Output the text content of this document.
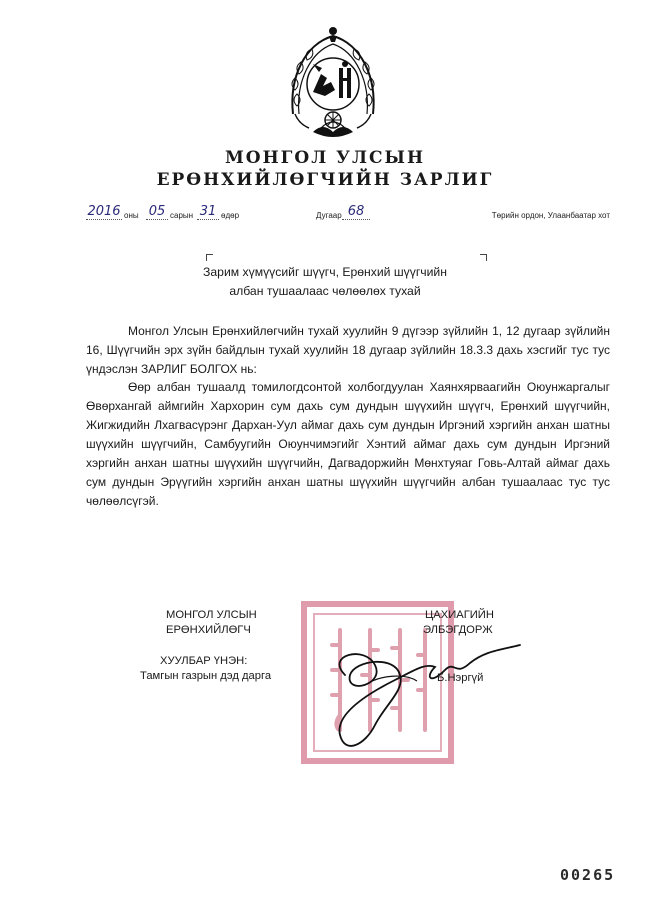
МОНГОЛ УЛСЫН
ЕРӨНХИЙЛӨГЧИЙН ЗАРЛИГ
2016 оны 05 сарын 31 өдөр	Дугаар 68	Төрийн ордон, Улаанбаатар хот
Зарим хүмүүсийг шүүгч, Ерөнхий шүүгчийн
албан тушаалаас чөлөөлөх тухай
Монгол Улсын Ерөнхийлөгчийн тухай хуулийн 9 дүгээр зүйлийн 1, 12 дугаар зүйлийн 16, Шүүгчийн эрх зүйн байдлын тухай хуулийн 18 дугаар зүйлийн 18.3.3 дахь хэсгийг тус тус үндэслэн ЗАРЛИГ БОЛГОХ нь:
Өөр албан тушаалд томилогдсонтой холбогдуулан Хаянхярваагийн Оюунжаргалыг Өвөрхангай аймгийн Хархорин сум дахь сум дундын шүүхийн шүүгч, Ерөнхий шүүгчийн, Жигжидийн Лхагвасүрэнг Дархан-Уул аймаг дахь сум дундын Иргэний хэргийн анхан шатны шүүхийн шүүгчийн, Самбуугийн Оюунчимэгийг Хэнтий аймаг дахь сум дундын Иргэний хэргийн анхан шатны шүүхийн шүүгчийн, Дагвадоржийн Мөнхтуяаг Говь-Алтай аймаг дахь сум дундын Эрүүгийн хэргийн анхан шатны шүүхийн шүүгчийн албан тушаалаас тус тус чөлөөлсүгэй.
МОНГОЛ УЛСЫН
ЕРӨНХИЙЛӨГЧ
ЦАХИАГИЙН
ЭЛБЭГДОРЖ
ХУУЛБАР ҮНЭН:
Тамгын газрын дэд дарга	Б.Нэргүй
00265
